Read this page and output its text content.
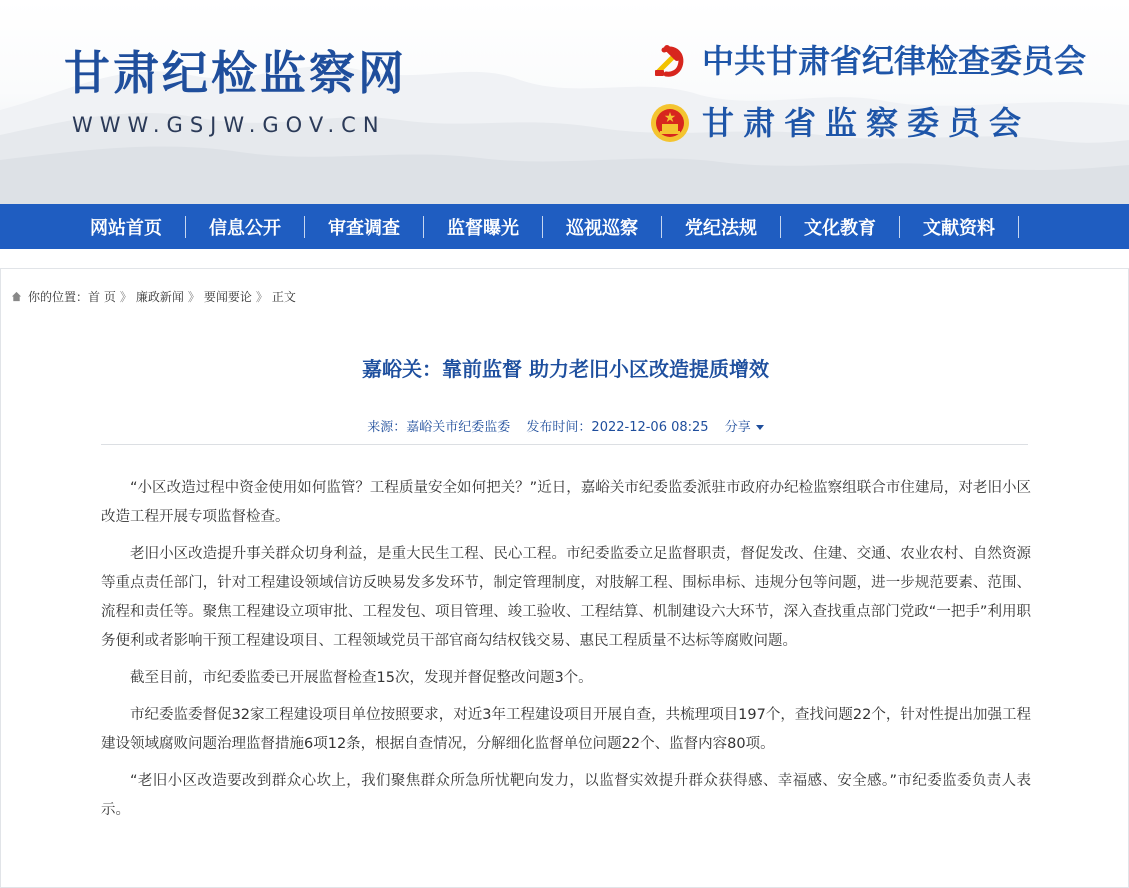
甘肃纪检监察网
WWW.GSJW.GOV.CN
中共甘肃省纪律检查委员会
甘肃省监察委员会
网站首页	信息公开	审查调查	监督曝光	巡视巡察	党纪法规	文化教育	文献资料
你的位置： 首 页 》 廉政新闻 》 要闻要论 》 正文
嘉峪关：靠前监督 助力老旧小区改造提质增效
来源：嘉峪关市纪委监委 发布时间：2022-12-06 08:25 分享

“小区改造过程中资金使用如何监管？工程质量安全如何把关？”近日，嘉峪关市纪委监委派驻市政府办纪检监察组联合市住建局，对老旧小区改造工程开展专项监督检查。

老旧小区改造提升事关群众切身利益，是重大民生工程、民心工程。市纪委监委立足监督职责，督促发改、住建、交通、农业农村、自然资源等重点责任部门，针对工程建设领域信访反映易发多发环节，制定管理制度，对肢解工程、围标串标、违规分包等问题，进一步规范要素、范围、流程和责任等。聚焦工程建设立项审批、工程发包、项目管理、竣工验收、工程结算、机制建设六大环节，深入查找重点部门党政“一把手”利用职务便利或者影响干预工程建设项目、工程领域党员干部官商勾结权钱交易、惠民工程质量不达标等腐败问题。

截至目前，市纪委监委已开展监督检查15次，发现并督促整改问题3个。

市纪委监委督促32家工程建设项目单位按照要求，对近3年工程建设项目开展自查，共梳理项目197个，查找问题22个，针对性提出加强工程建设领域腐败问题治理监督措施6项12条，根据自查情况，分解细化监督单位问题22个、监督内容80项。

“老旧小区改造要改到群众心坎上，我们聚焦群众所急所忧靶向发力，以监督实效提升群众获得感、幸福感、安全感。”市纪委监委负责人表示。
